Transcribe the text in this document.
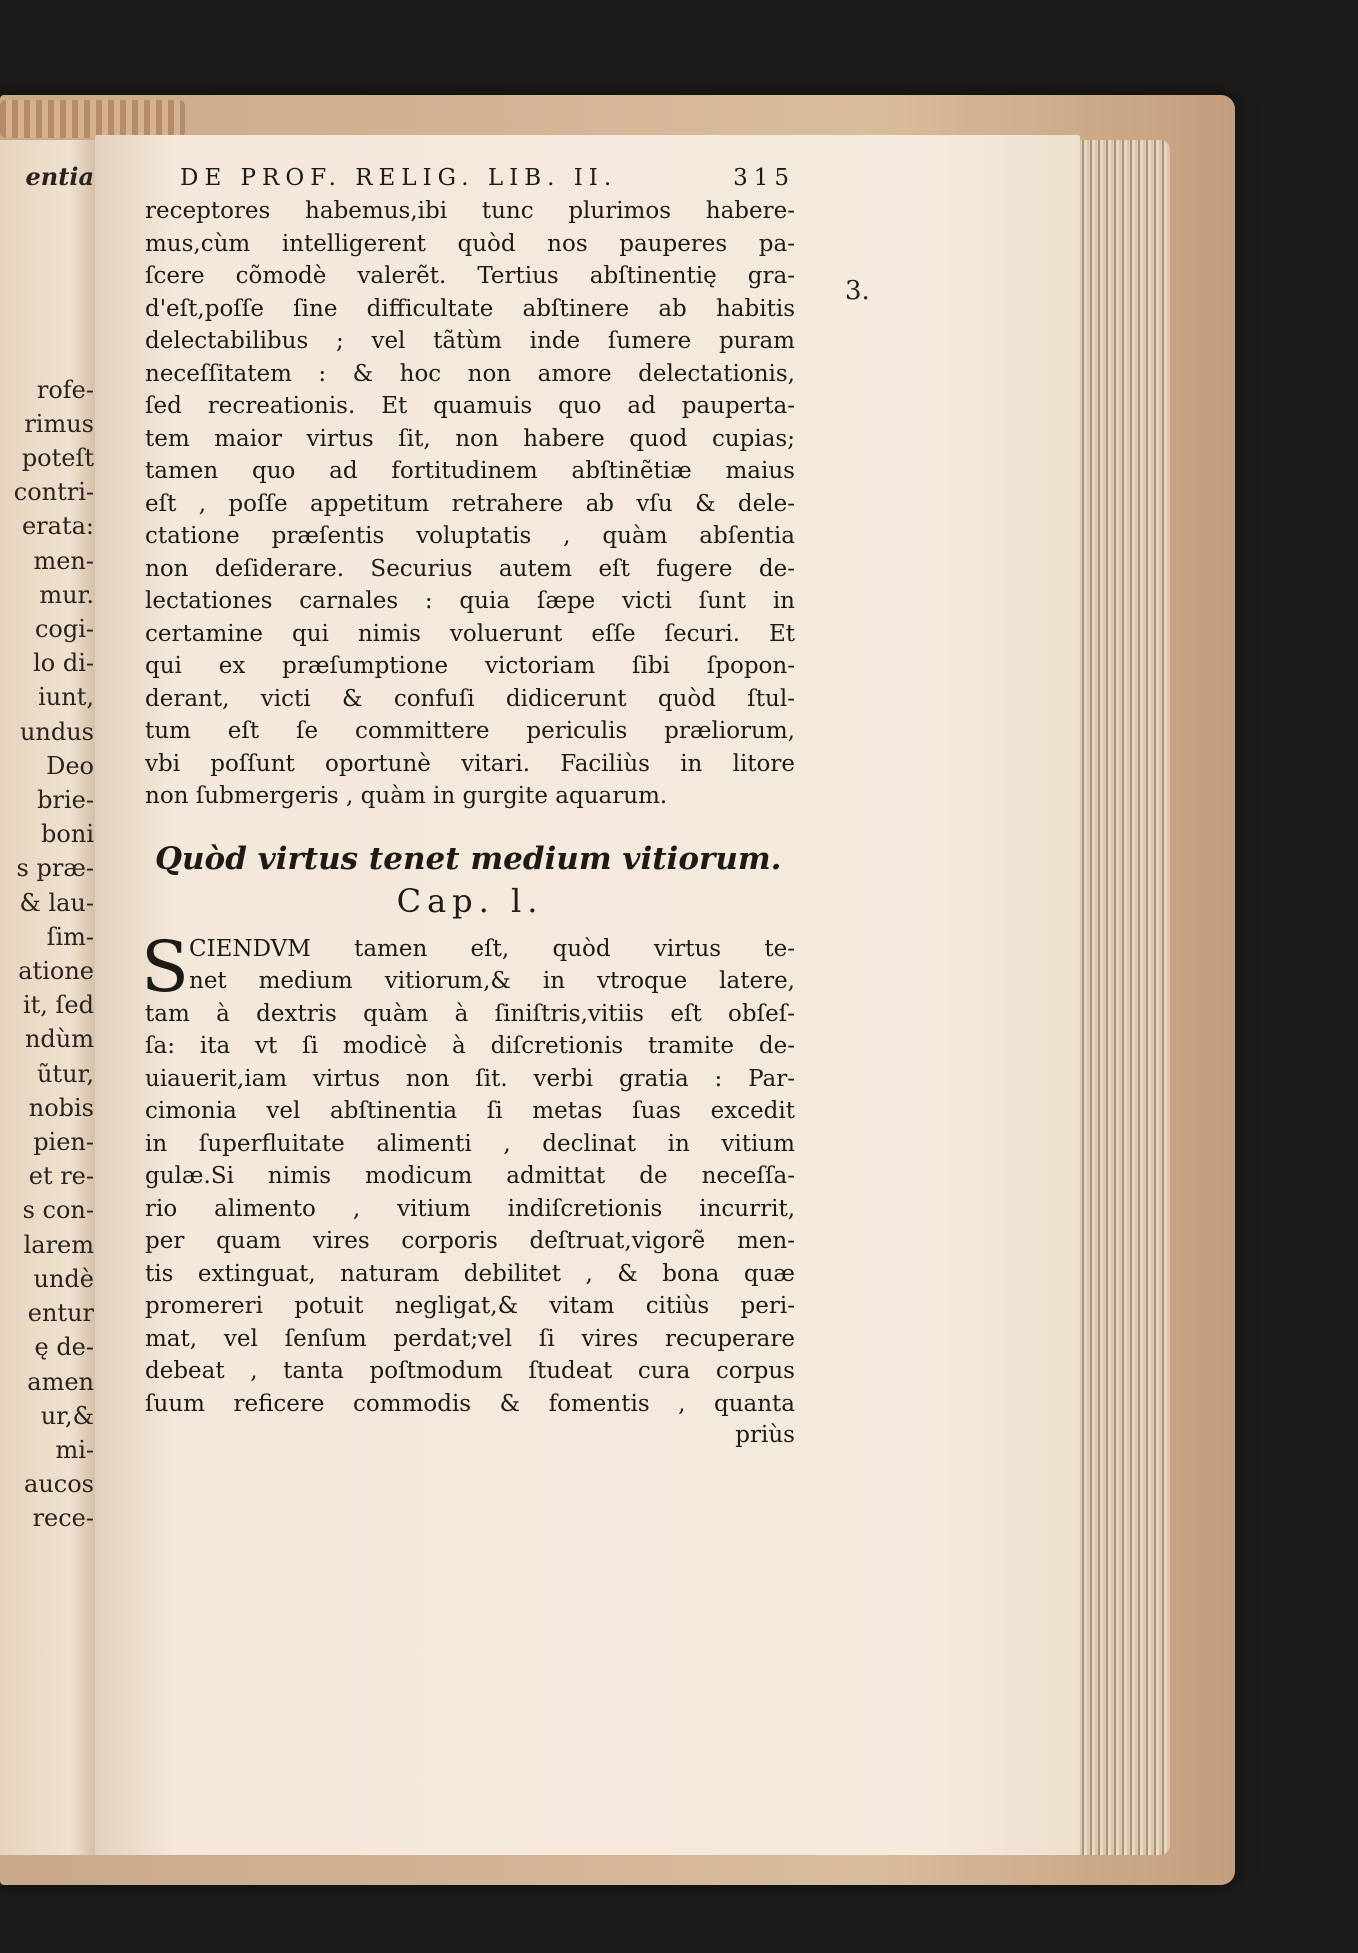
entia

rofe-
rimus
poteſt
contri-
erata:
men-
mur.
cogi-
lo di-
iunt,
undus
Deo
brie-
boni
s præ-
& lau-
ſim-
atione
it, ſed
ndùm
ũtur,
nobis
pien-
et re-
s con-
larem
undè
entur
ę de-
amen
ur,&
mi-
aucos
rece-

3.
DE PROF. RELIG. LIB. II.	315
receptores habemus,ibi tunc plurimos habere-
mus,cùm intelligerent quòd nos pauperes pa-
ſcere cõmodè valerẽt. Tertius abſtinentię gra-
d'eſt,poſſe ſine difficultate abſtinere ab habitis
delectabilibus ; vel tãtùm inde ſumere puram
neceſſitatem : & hoc non amore delectationis,
ſed recreationis. Et quamuis quo ad pauperta-
tem maior virtus ſit, non habere quod cupias;
tamen quo ad fortitudinem abſtinẽtiæ maius
eſt , poſſe appetitum retrahere ab vſu & dele-
ctatione præſentis voluptatis , quàm abſentia
non deſiderare. Securius autem eſt fugere de-
lectationes carnales : quia ſæpe victi ſunt in
certamine qui nimis voluerunt eſſe ſecuri. Et
qui ex præſumptione victoriam ſibi ſpopon-
derant, victi & confuſi didicerunt quòd ſtul-
tum eſt ſe committere periculis præliorum,
vbi poſſunt oportunè vitari. Faciliùs in litore
non ſubmergeris , quàm in gurgite aquarum.
Quòd virtus tenet medium vitiorum.
Cap. l.
S CIENDVM tamen eſt, quòd virtus te-
net medium vitiorum,& in vtroque latere,
tam à dextris quàm à ſiniſtris,vitiis eſt obſeſ-
ſa: ita vt ſi modicè à diſcretionis tramite de-
uiauerit,iam virtus non ſit. verbi gratia : Par-
cimonia vel abſtinentia ſi metas ſuas excedit
in ſuperfluitate alimenti , declinat in vitium
gulæ.Si nimis modicum admittat de neceſſa-
rio alimento , vitium indiſcretionis incurrit,
per quam vires corporis deſtruat,vigorẽ men-
tis extinguat, naturam debilitet , & bona quæ
promereri potuit negligat,& vitam citiùs peri-
mat, vel ſenſum perdat;vel ſi vires recuperare
debeat , tanta poſtmodum ſtudeat cura corpus
ſuum reficere commodis & fomentis , quanta
priùs
